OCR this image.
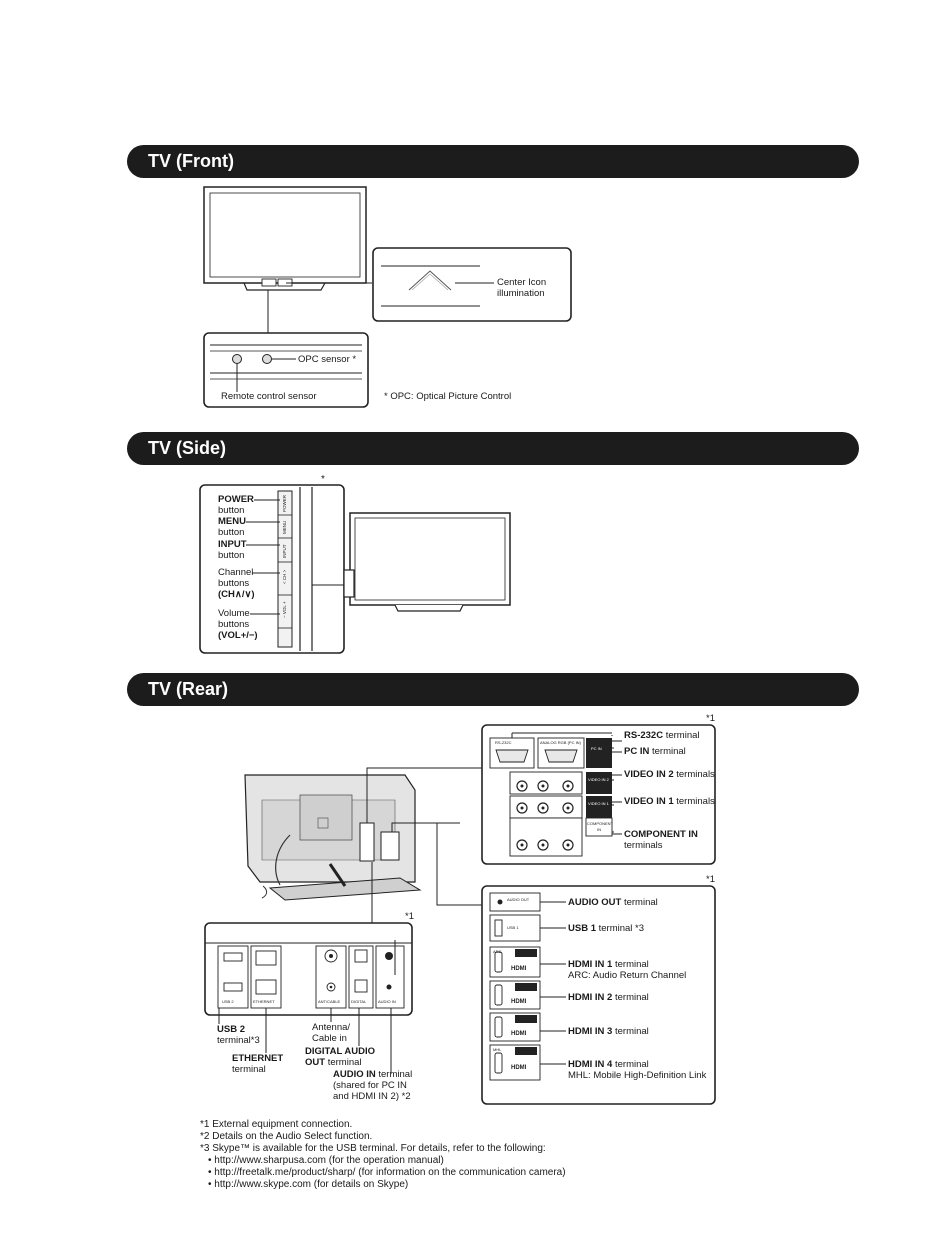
TV (Front)
TV (Side)
TV (Rear)
Center Icon
illumination
OPC sensor *
Remote control sensor	* OPC: Optical Picture Control
POWER
MENU
INPUT
< CH >
− VOL +
*
POWER
button
MENU
button
INPUT
button
Channel
buttons
(CH∧/∨)
Volume
buttons
(VOL+/−)
RS-232C	ANALOG RGB (PC IN)
PC IN
VIDEO IN 2
VIDEO IN 1
COMPONENT
IN
AUDIO OUT
USB 1
HDMI
HDMI
HDMI
HDMI
ARC
MHL
USB 2	ETHERNET	ANT/CABLE	DIGITAL	AUDIO IN
*1
*1
*1
RS-232C terminal
PC IN terminal
VIDEO IN 2 terminals
VIDEO IN 1 terminals
COMPONENT IN
terminals
AUDIO OUT terminal
USB 1 terminal *3
HDMI IN 1 terminal
ARC: Audio Return Channel
HDMI IN 2 terminal
HDMI IN 3 terminal
HDMI IN 4 terminal
MHL: Mobile High-Definition Link
USB 2
terminal*3
ETHERNET
terminal
Antenna/
Cable in
DIGITAL AUDIO
OUT terminal
AUDIO IN terminal
(shared for PC IN
and HDMI IN 2) *2
*1 External equipment connection.
*2 Details on the Audio Select function.
*3 Skype™ is available for the USB terminal. For details, refer to the following:
• http://www.sharpusa.com (for the operation manual)
• http://freetalk.me/product/sharp/ (for information on the communication camera)
• http://www.skype.com (for details on Skype)
